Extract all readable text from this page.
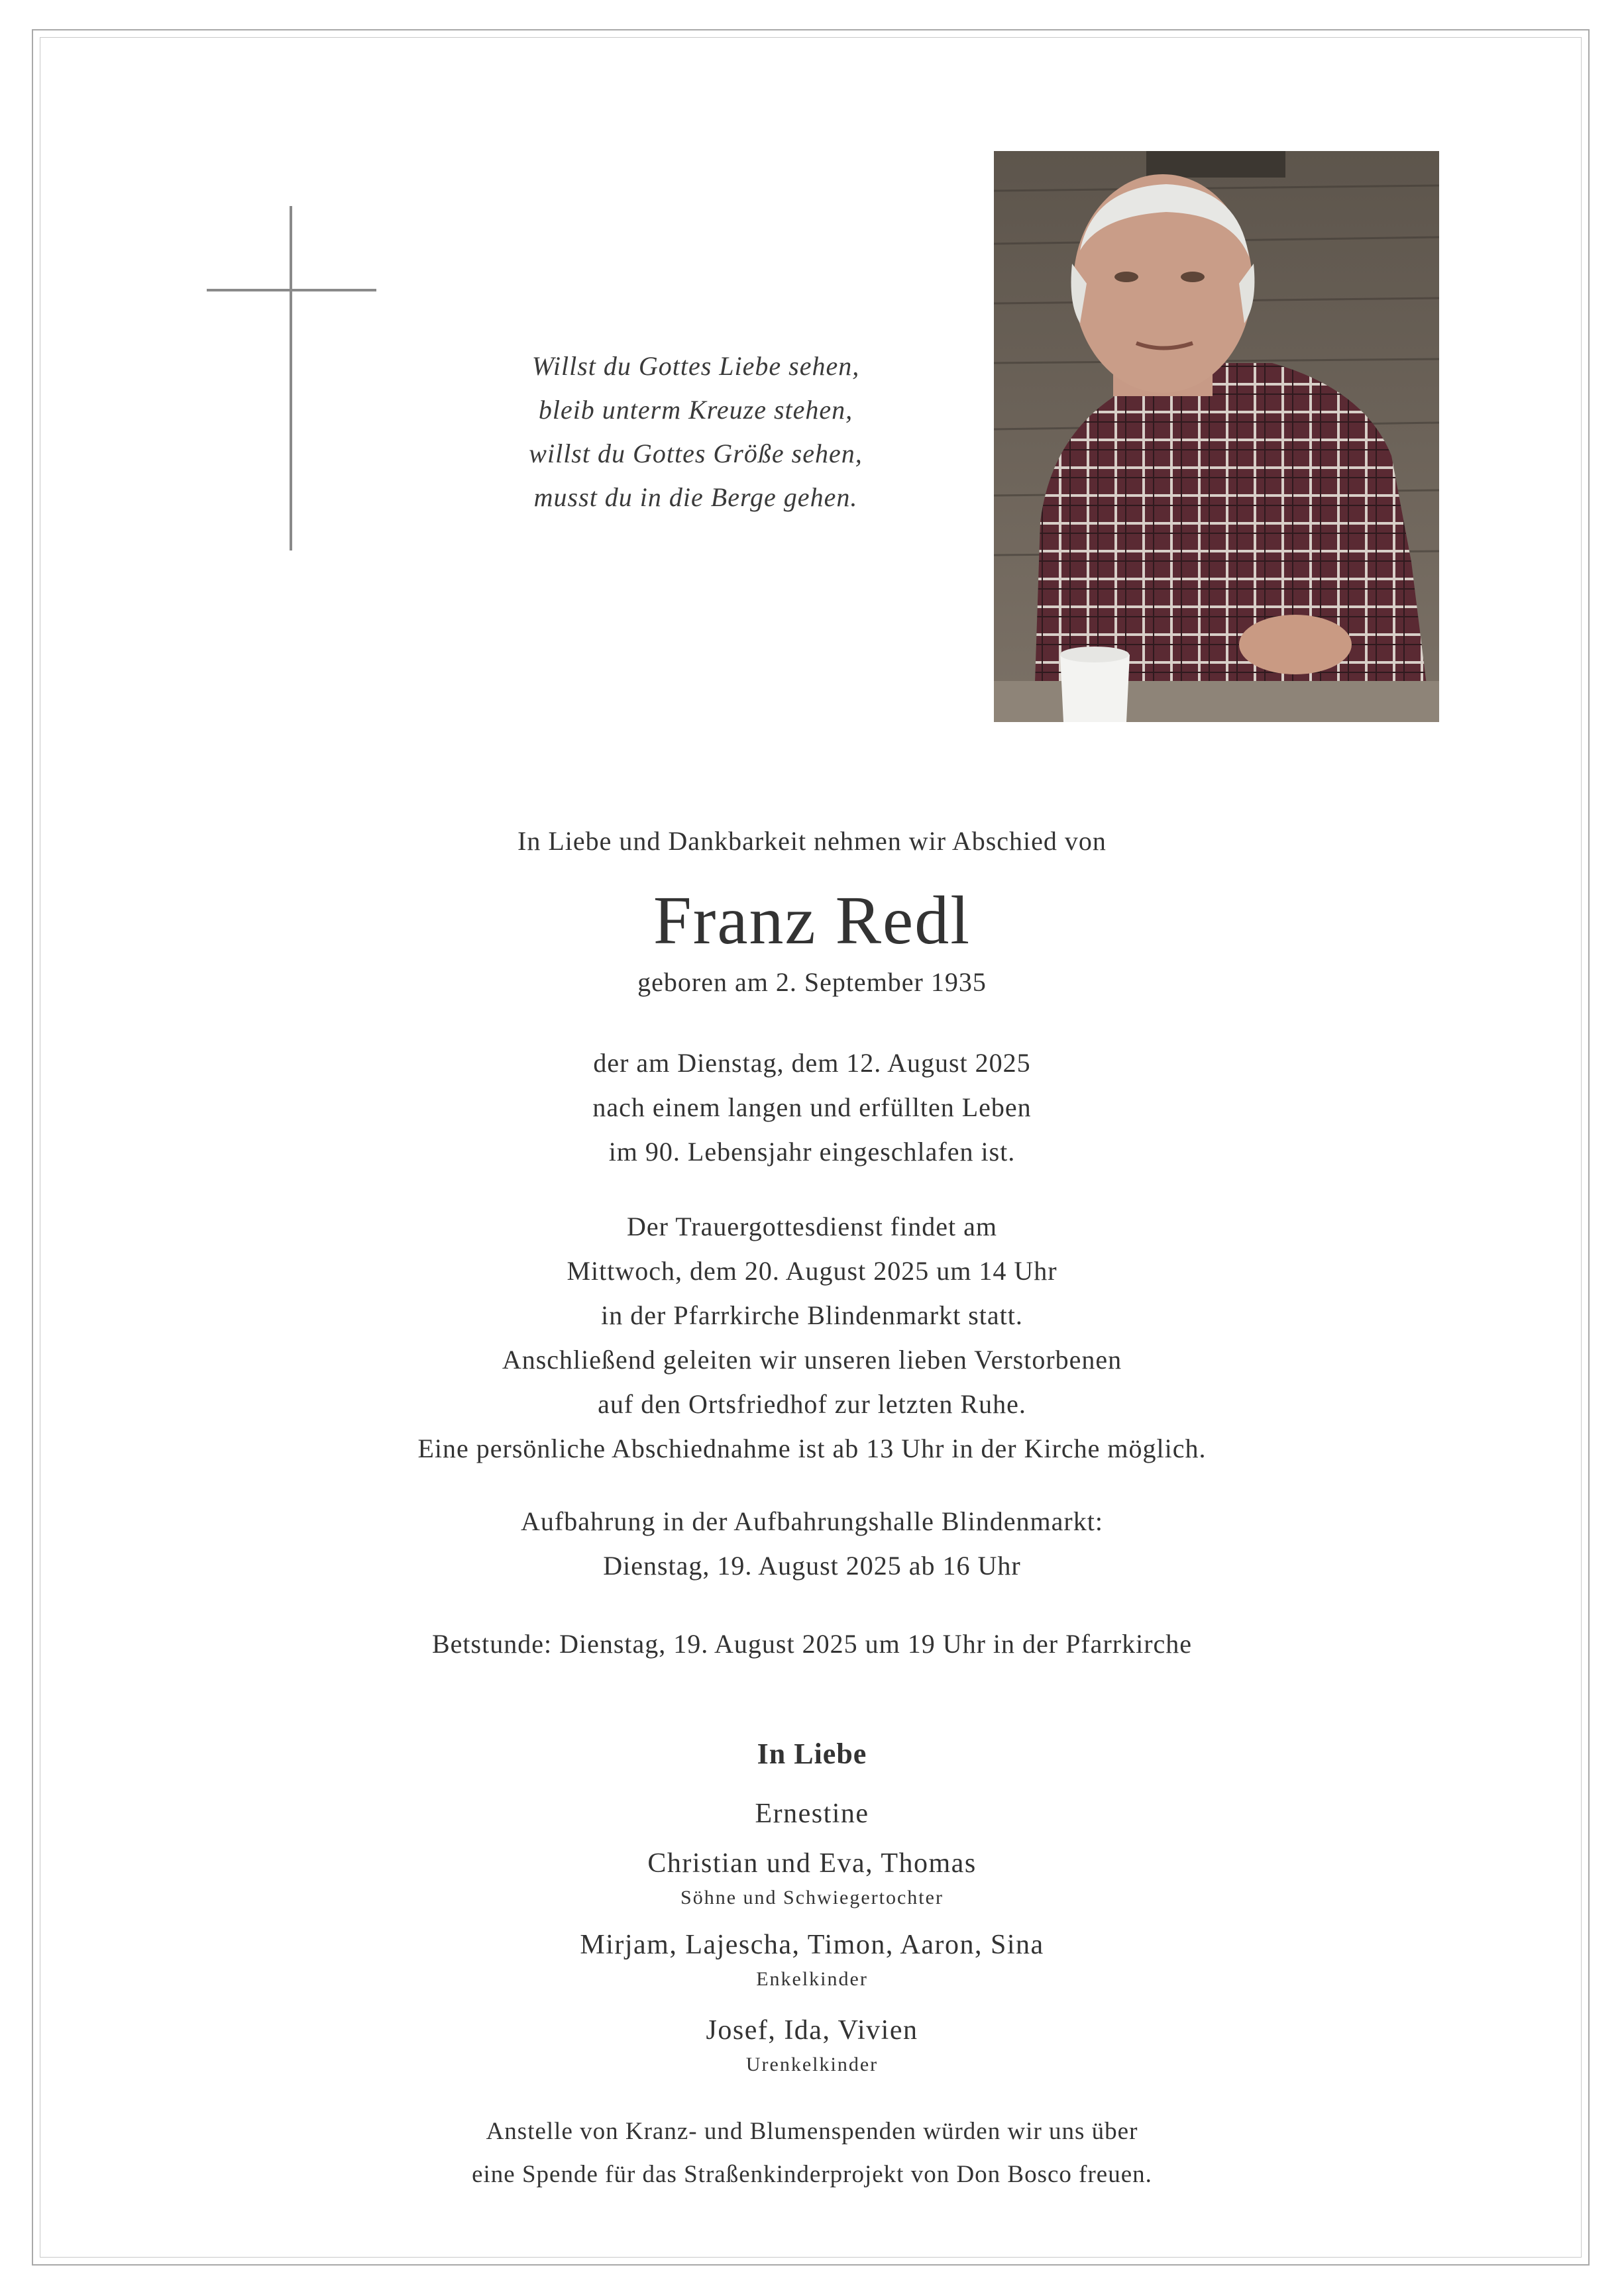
Willst du Gottes Liebe sehen,
bleib unterm Kreuze stehen,
willst du Gottes Größe sehen,
musst du in die Berge gehen.
In Liebe und Dankbarkeit nehmen wir Abschied von
Franz Redl
geboren am 2. September 1935
der am Dienstag, dem 12. August 2025
nach einem langen und erfüllten Leben
im 90. Lebensjahr eingeschlafen ist.
Der Trauergottesdienst findet am
Mittwoch, dem 20. August 2025 um 14 Uhr
in der Pfarrkirche Blindenmarkt statt.
Anschließend geleiten wir unseren lieben Verstorbenen
auf den Ortsfriedhof zur letzten Ruhe.
Eine persönliche Abschiednahme ist ab 13 Uhr in der Kirche möglich.
Aufbahrung in der Aufbahrungshalle Blindenmarkt:
Dienstag, 19. August 2025 ab 16 Uhr
Betstunde: Dienstag, 19. August 2025 um 19 Uhr in der Pfarrkirche
In Liebe
Ernestine
Christian und Eva, Thomas
Söhne und Schwiegertochter
Mirjam, Lajescha, Timon, Aaron, Sina
Enkelkinder
Josef, Ida, Vivien
Urenkelkinder
Anstelle von Kranz- und Blumenspenden würden wir uns über
eine Spende für das Straßenkinderprojekt von Don Bosco freuen.
